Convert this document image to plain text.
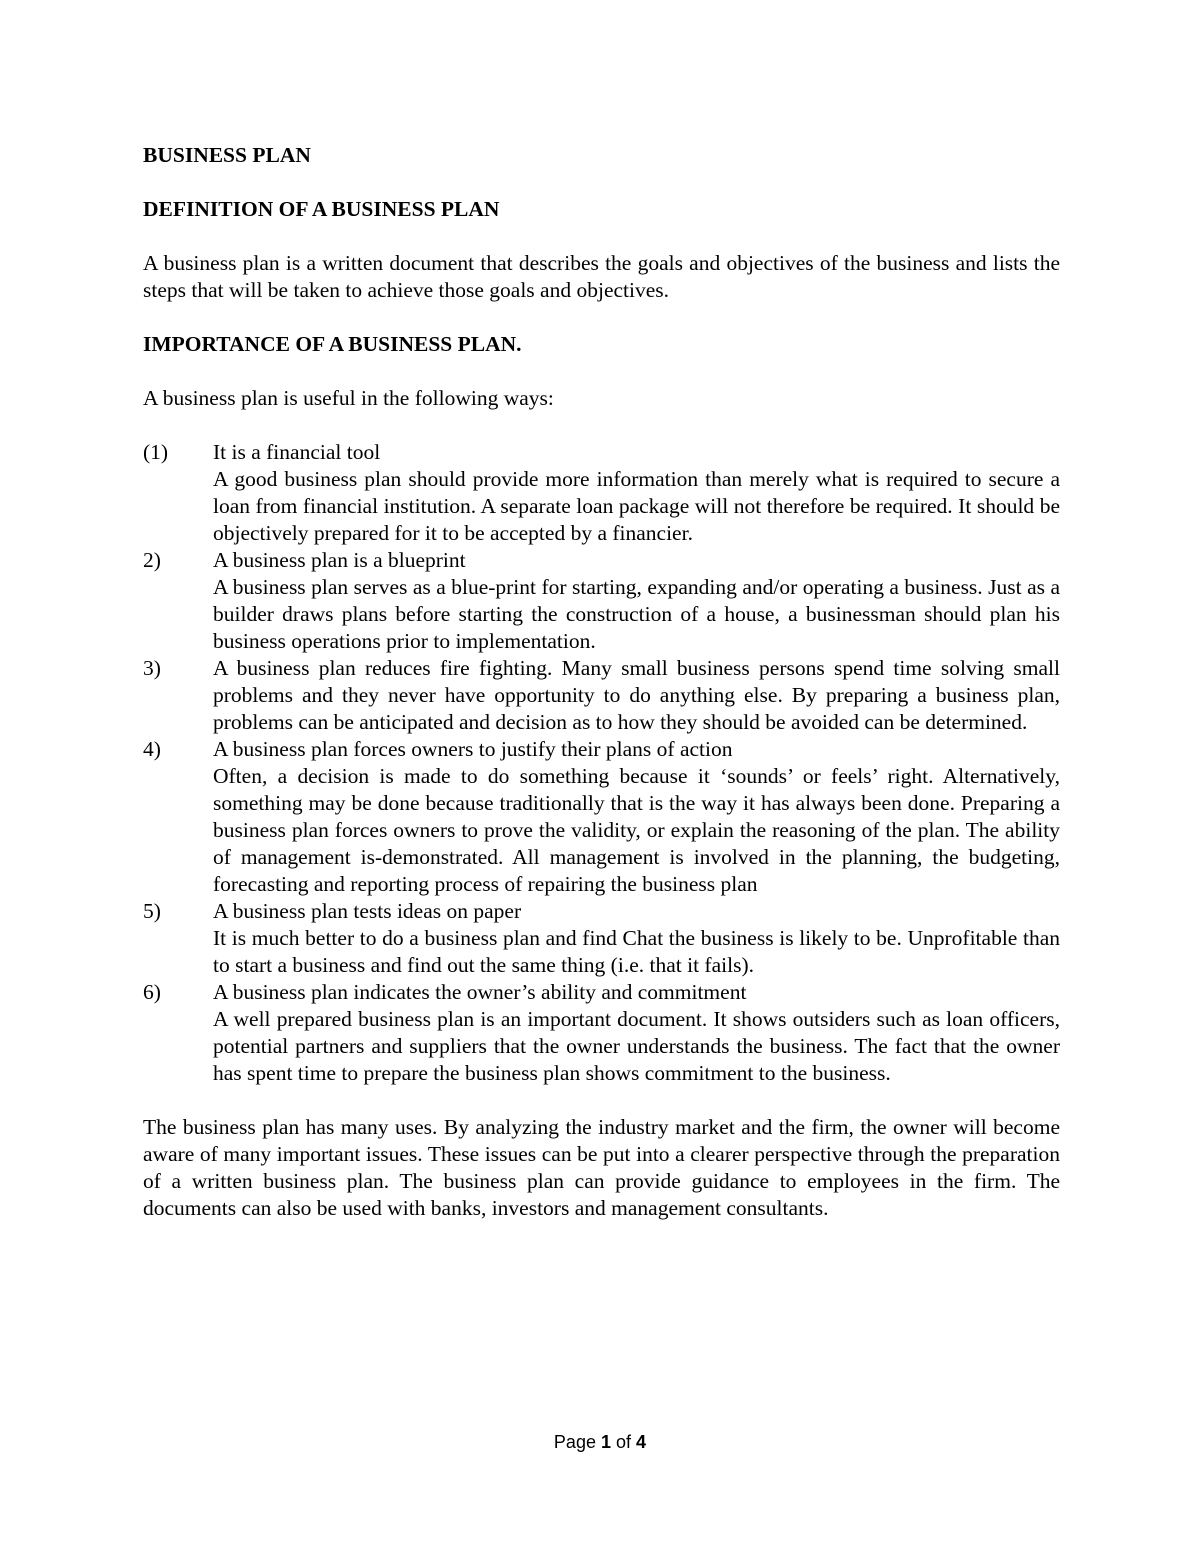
BUSINESS PLAN

DEFINITION OF A BUSINESS PLAN

A business plan is a written document that describes the goals and objectives of the business and lists the steps that will be taken to achieve those goals and objectives.

IMPORTANCE OF A BUSINESS PLAN.

A business plan is useful in the following ways:

(1) It is a financial tool
A good business plan should provide more information than merely what is required to secure a loan from financial institution. A separate loan package will not therefore be required. It should be objectively prepared for it to be accepted by a financier.
2) A business plan is a blueprint
A business plan serves as a blue-print for starting, expanding and/or operating a business. Just as a builder draws plans before starting the construction of a house, a businessman should plan his business operations prior to implementation.
3) A business plan reduces fire fighting. Many small business persons spend time solving small problems and they never have opportunity to do anything else. By preparing a business plan, problems can be anticipated and decision as to how they should be avoided can be determined.
4) A business plan forces owners to justify their plans of action
Often, a decision is made to do something because it ‘sounds’ or feels’ right. Alternatively, something may be done because traditionally that is the way it has always been done. Preparing a business plan forces owners to prove the validity, or explain the reasoning of the plan. The ability of management is-demonstrated. All management is involved in the planning, the budgeting, forecasting and reporting process of repairing the business plan
5) A business plan tests ideas on paper
It is much better to do a business plan and find Chat the business is likely to be. Unprofitable than to start a business and find out the same thing (i.e. that it fails).
6) A business plan indicates the owner’s ability and commitment
A well prepared business plan is an important document. It shows outsiders such as loan officers, potential partners and suppliers that the owner understands the business. The fact that the owner has spent time to prepare the business plan shows commitment to the business.

The business plan has many uses. By analyzing the industry market and the firm, the owner will become aware of many important issues. These issues can be put into a clearer perspective through the preparation of a written business plan. The business plan can provide guidance to employees in the firm. The documents can also be used with banks, investors and management consultants.

Page 1 of 4
